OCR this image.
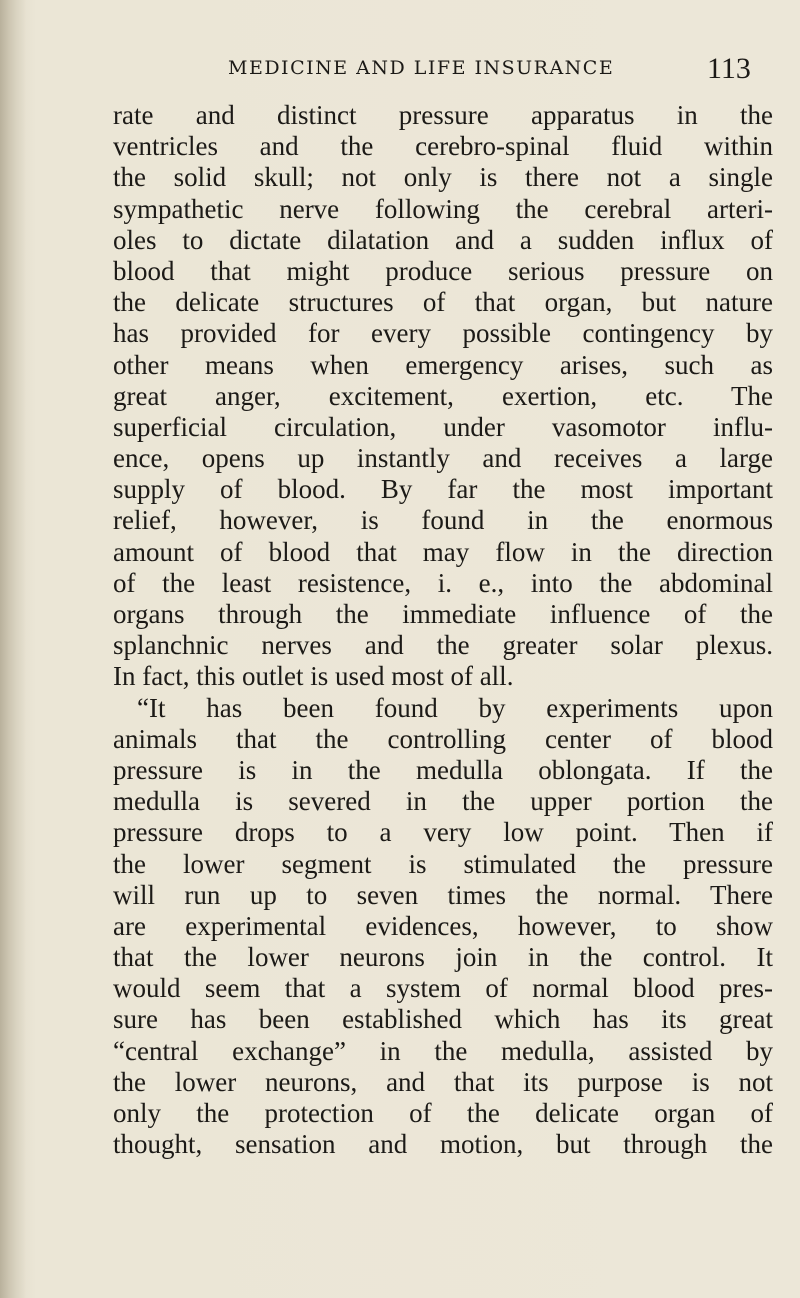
MEDICINE AND LIFE INSURANCE	113
rate and distinct pressure apparatus in the
ventricles and the cerebro-spinal fluid within
the solid skull; not only is there not a single
sympathetic nerve following the cerebral arteri-
oles to dictate dilatation and a sudden influx of
blood that might produce serious pressure on
the delicate structures of that organ, but nature
has provided for every possible contingency by
other means when emergency arises, such as
great anger, excitement, exertion, etc. The
superficial circulation, under vasomotor influ-
ence, opens up instantly and receives a large
supply of blood. By far the most important
relief, however, is found in the enormous
amount of blood that may flow in the direction
of the least resistence, i. e., into the abdominal
organs through the immediate influence of the
splanchnic nerves and the greater solar plexus.
In fact, this outlet is used most of all.
“It has been found by experiments upon
animals that the controlling center of blood
pressure is in the medulla oblongata. If the
medulla is severed in the upper portion the
pressure drops to a very low point. Then if
the lower segment is stimulated the pressure
will run up to seven times the normal. There
are experimental evidences, however, to show
that the lower neurons join in the control. It
would seem that a system of normal blood pres-
sure has been established which has its great
“central exchange” in the medulla, assisted by
the lower neurons, and that its purpose is not
only the protection of the delicate organ of
thought, sensation and motion, but through the
